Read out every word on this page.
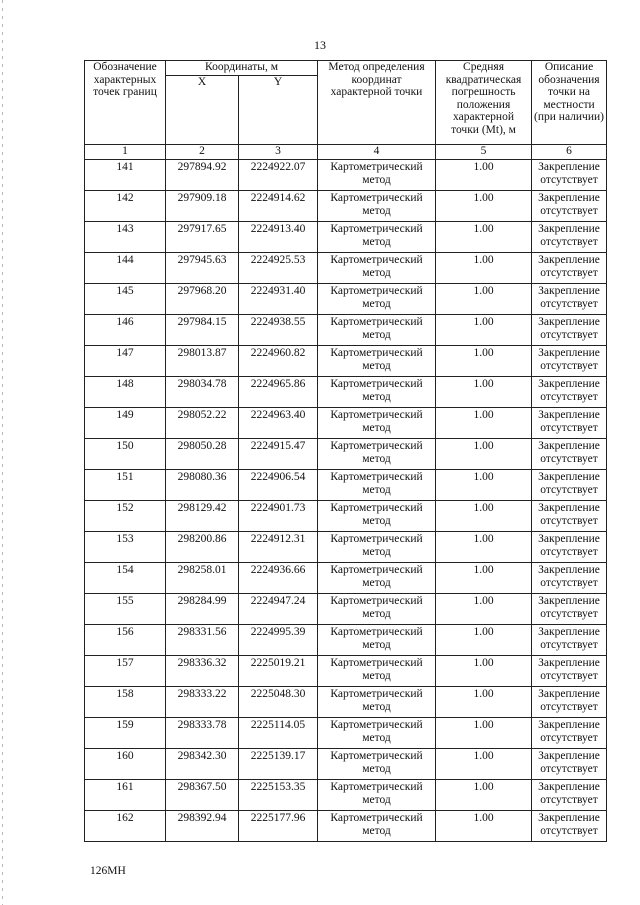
13
Обозначение характерных точек границ	Координаты, м		Метод определения координат характерной точки	Средняя квадратическая погрешность положения характерной точки (Mt), м	Описание обозначения точки на местности (при наличии)
	X	Y			
1	2	3	4	5	6
141	297894.92	2224922.07	Картометрический метод	1.00	Закрепление отсутствует
142	297909.18	2224914.62	Картометрический метод	1.00	Закрепление отсутствует
143	297917.65	2224913.40	Картометрический метод	1.00	Закрепление отсутствует
144	297945.63	2224925.53	Картометрический метод	1.00	Закрепление отсутствует
145	297968.20	2224931.40	Картометрический метод	1.00	Закрепление отсутствует
146	297984.15	2224938.55	Картометрический метод	1.00	Закрепление отсутствует
147	298013.87	2224960.82	Картометрический метод	1.00	Закрепление отсутствует
148	298034.78	2224965.86	Картометрический метод	1.00	Закрепление отсутствует
149	298052.22	2224963.40	Картометрический метод	1.00	Закрепление отсутствует
150	298050.28	2224915.47	Картометрический метод	1.00	Закрепление отсутствует
151	298080.36	2224906.54	Картометрический метод	1.00	Закрепление отсутствует
152	298129.42	2224901.73	Картометрический метод	1.00	Закрепление отсутствует
153	298200.86	2224912.31	Картометрический метод	1.00	Закрепление отсутствует
154	298258.01	2224936.66	Картометрический метод	1.00	Закрепление отсутствует
155	298284.99	2224947.24	Картометрический метод	1.00	Закрепление отсутствует
156	298331.56	2224995.39	Картометрический метод	1.00	Закрепление отсутствует
157	298336.32	2225019.21	Картометрический метод	1.00	Закрепление отсутствует
158	298333.22	2225048.30	Картометрический метод	1.00	Закрепление отсутствует
159	298333.78	2225114.05	Картометрический метод	1.00	Закрепление отсутствует
160	298342.30	2225139.17	Картометрический метод	1.00	Закрепление отсутствует
161	298367.50	2225153.35	Картометрический метод	1.00	Закрепление отсутствует
162	298392.94	2225177.96	Картометрический метод	1.00	Закрепление отсутствует
126МН
